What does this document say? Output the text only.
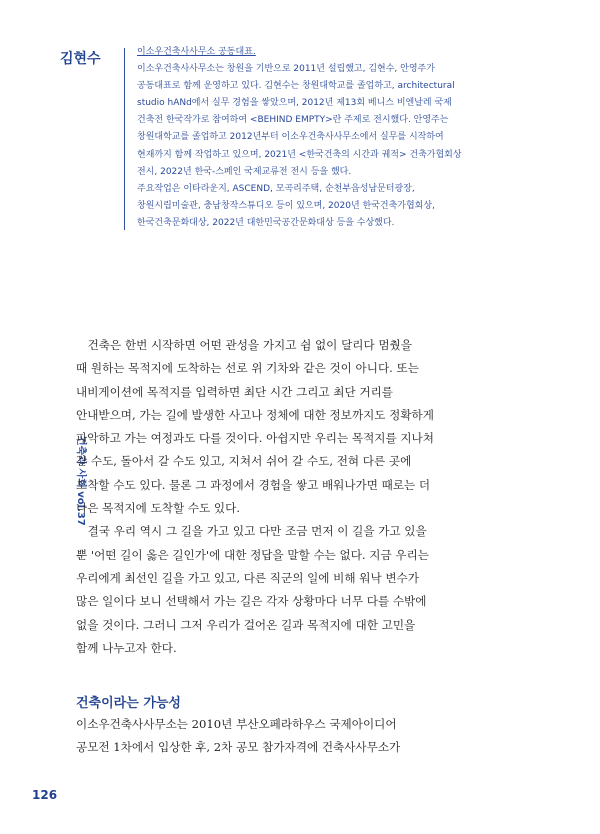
김현수	이소우건축사사무소 공동대표.
이소우건축사사무소는 창원을 기반으로 2011년 설립했고, 김현수, 안영주가
공동대표로 함께 운영하고 있다. 김현수는 창원대학교를 졸업하고, architectural
studio hANd에서 실무 경험을 쌓았으며, 2012년 제13회 베니스 비엔날레 국제
건축전 한국작가로 참여하여 <BEHIND EMPTY>란 주제로 전시했다. 안영주는
창원대학교를 졸업하고 2012년부터 이소우건축사사무소에서 실무를 시작하여
현재까지 함께 작업하고 있으며, 2021년 <한국건축의 시간과 궤적> 건축가협회상
전시, 2022년 한국-스페인 국제교류전 전시 등을 했다.
주요작업은 이타라운지, ASCEND, 모곡리주택, 순천부읍성남문터광장,
창원시립미술관, 충남창작스튜디오 등이 있으며, 2020년 한국건축가협회상,
한국건축문화대상, 2022년 대한민국공간문화대상 등을 수상했다.
건축과 사회 vol.37
　건축은 한번 시작하면 어떤 관성을 가지고 쉼 없이 달리다 멈췄을
때 원하는 목적지에 도착하는 선로 위 기차와 같은 것이 아니다. 또는
내비게이션에 목적지를 입력하면 최단 시간 그리고 최단 거리를
안내받으며, 가는 길에 발생한 사고나 정체에 대한 정보까지도 정확하게
파악하고 가는 여정과도 다를 것이다. 아쉽지만 우리는 목적지를 지나쳐
갈 수도, 돌아서 갈 수도 있고, 지쳐서 쉬어 갈 수도, 전혀 다른 곳에
도착할 수도 있다. 물론 그 과정에서 경험을 쌓고 배워나가면 때로는 더
나은 목적지에 도착할 수도 있다.
　결국 우리 역시 그 길을 가고 있고 다만 조금 먼저 이 길을 가고 있을
뿐 '어떤 길이 옳은 길인가'에 대한 정답을 말할 수는 없다. 지금 우리는
우리에게 최선인 길을 가고 있고, 다른 직군의 일에 비해 워낙 변수가
많은 일이다 보니 선택해서 가는 길은 각자 상황마다 너무 다를 수밖에
없을 것이다. 그러니 그저 우리가 걸어온 길과 목적지에 대한 고민을
함께 나누고자 한다.
건축이라는 가능성
이소우건축사사무소는 2010년 부산오페라하우스 국제아이디어
공모전 1차에서 입상한 후, 2차 공모 참가자격에 건축사사무소가
126
